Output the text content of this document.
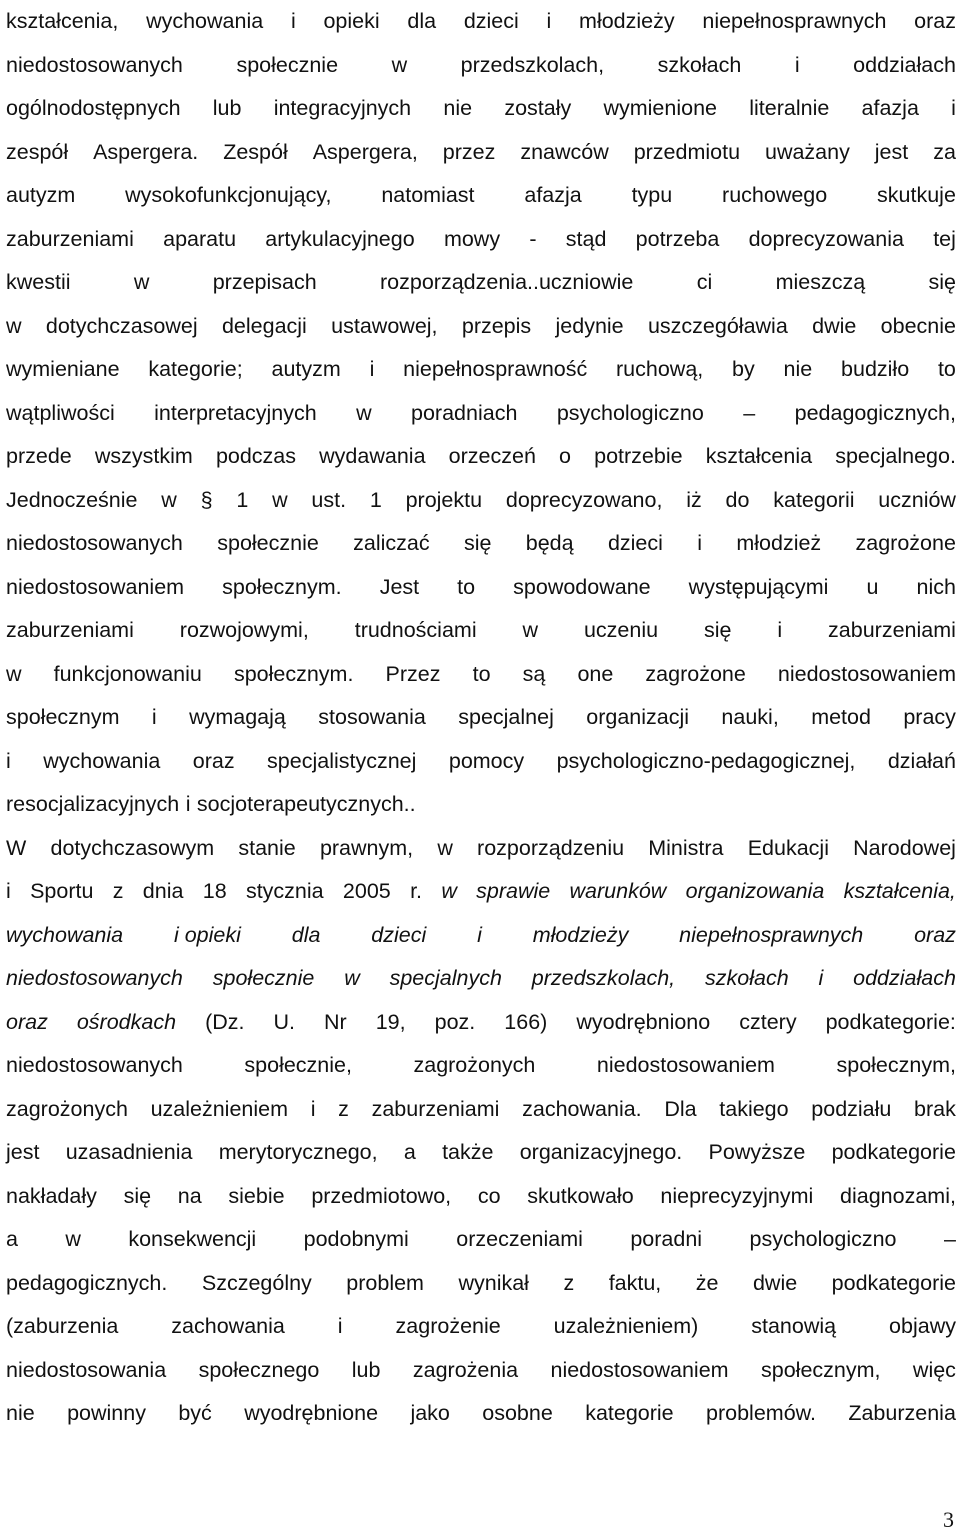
kształcenia, wychowania i opieki dla dzieci i młodzieży niepełnosprawnych oraz
niedostosowanych społecznie w przedszkolach, szkołach i oddziałach
ogólnodostępnych lub integracyjnych nie zostały wymienione literalnie afazja i
zespół Aspergera. Zespół Aspergera, przez znawców przedmiotu uważany jest za
autyzm wysokofunkcjonujący, natomiast afazja typu ruchowego skutkuje
zaburzeniami aparatu artykulacyjnego mowy - stąd potrzeba doprecyzowania tej
kwestii	w	przepisach	rozporządzenia..uczniowie	ci	mieszczą	się
w dotychczasowej delegacji ustawowej, przepis jedynie uszczegóławia dwie obecnie
wymieniane kategorie; autyzm i niepełnosprawność ruchową, by nie budziło to
wątpliwości interpretacyjnych w poradniach psychologiczno – pedagogicznych,
przede wszystkim podczas wydawania orzeczeń o potrzebie kształcenia specjalnego.
Jednocześnie w § 1 w ust. 1 projektu doprecyzowano, iż do kategorii uczniów
niedostosowanych społecznie zaliczać się będą dzieci i młodzież zagrożone
niedostosowaniem społecznym. Jest to spowodowane występującymi u nich
zaburzeniami rozwojowymi, trudnościami w uczeniu się i zaburzeniami
w funkcjonowaniu społecznym. Przez to są one zagrożone niedostosowaniem
społecznym i wymagają stosowania specjalnej organizacji nauki, metod pracy
i wychowania oraz specjalistycznej pomocy psychologiczno-pedagogicznej, działań
resocjalizacyjnych i socjoterapeutycznych..
W dotychczasowym stanie prawnym, w rozporządzeniu Ministra Edukacji Narodowej
i Sportu z dnia 18 stycznia 2005 r. w sprawie warunków organizowania kształcenia,
wychowania i opieki dla dzieci i młodzieży niepełnosprawnych oraz
niedostosowanych społecznie w specjalnych przedszkolach, szkołach i oddziałach
oraz ośrodkach (Dz. U. Nr 19, poz. 166) wyodrębniono cztery podkategorie:
niedostosowanych	społecznie,	zagrożonych	niedostosowaniem	społecznym,
zagrożonych uzależnieniem i z zaburzeniami zachowania. Dla takiego podziału brak
jest uzasadnienia merytorycznego, a także organizacyjnego. Powyższe podkategorie
nakładały się na siebie przedmiotowo, co skutkowało nieprecyzyjnymi diagnozami,
a w konsekwencji podobnymi orzeczeniami poradni psychologiczno –
pedagogicznych. Szczególny problem wynikał z faktu, że dwie podkategorie
(zaburzenia zachowania i zagrożenie uzależnieniem) stanowią objawy
niedostosowania społecznego lub zagrożenia niedostosowaniem społecznym, więc
nie powinny być wyodrębnione jako osobne kategorie problemów. Zaburzenia
3
